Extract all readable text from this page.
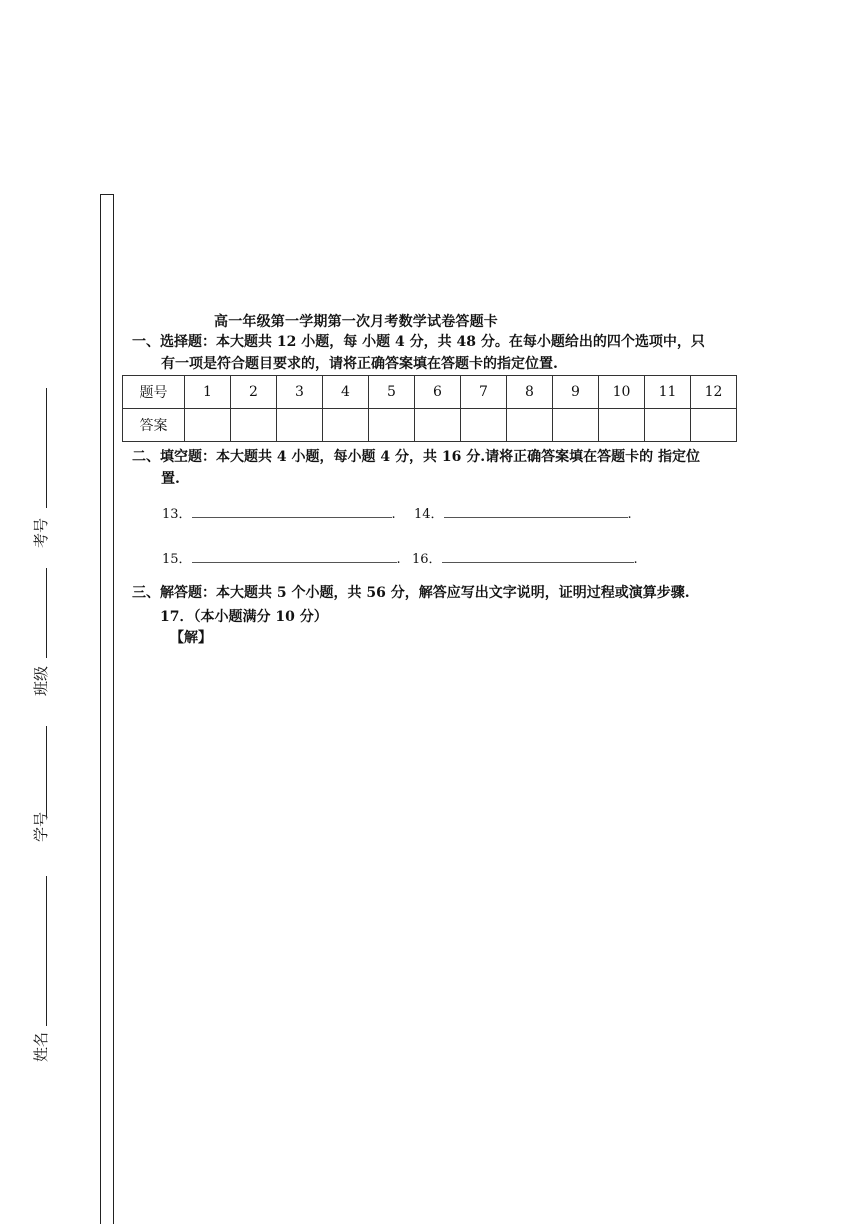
考号
班级
学号
姓名
高一年级第一学期第一次月考数学试卷答题卡
一、选择题：本大题共 12 小题，每 小题 4 分，共 48 分。在每小题给出的四个选项中，只
有一项是符合题目要求的，请将正确答案填在答题卡的指定位置.
题号	1	2	3	4	5	6	7	8	9	10	11	12
答案												
二、填空题：本大题共 4 小题，每小题 4 分，共 16 分.请将正确答案填在答题卡的 指定位
置.
13．	. 14．	.
15．	. 16．	.
三、解答题：本大题共 5 个小题，共 56 分，解答应写出文字说明，证明过程或演算步骤.
17．（本小题满分 10 分）
【解】
